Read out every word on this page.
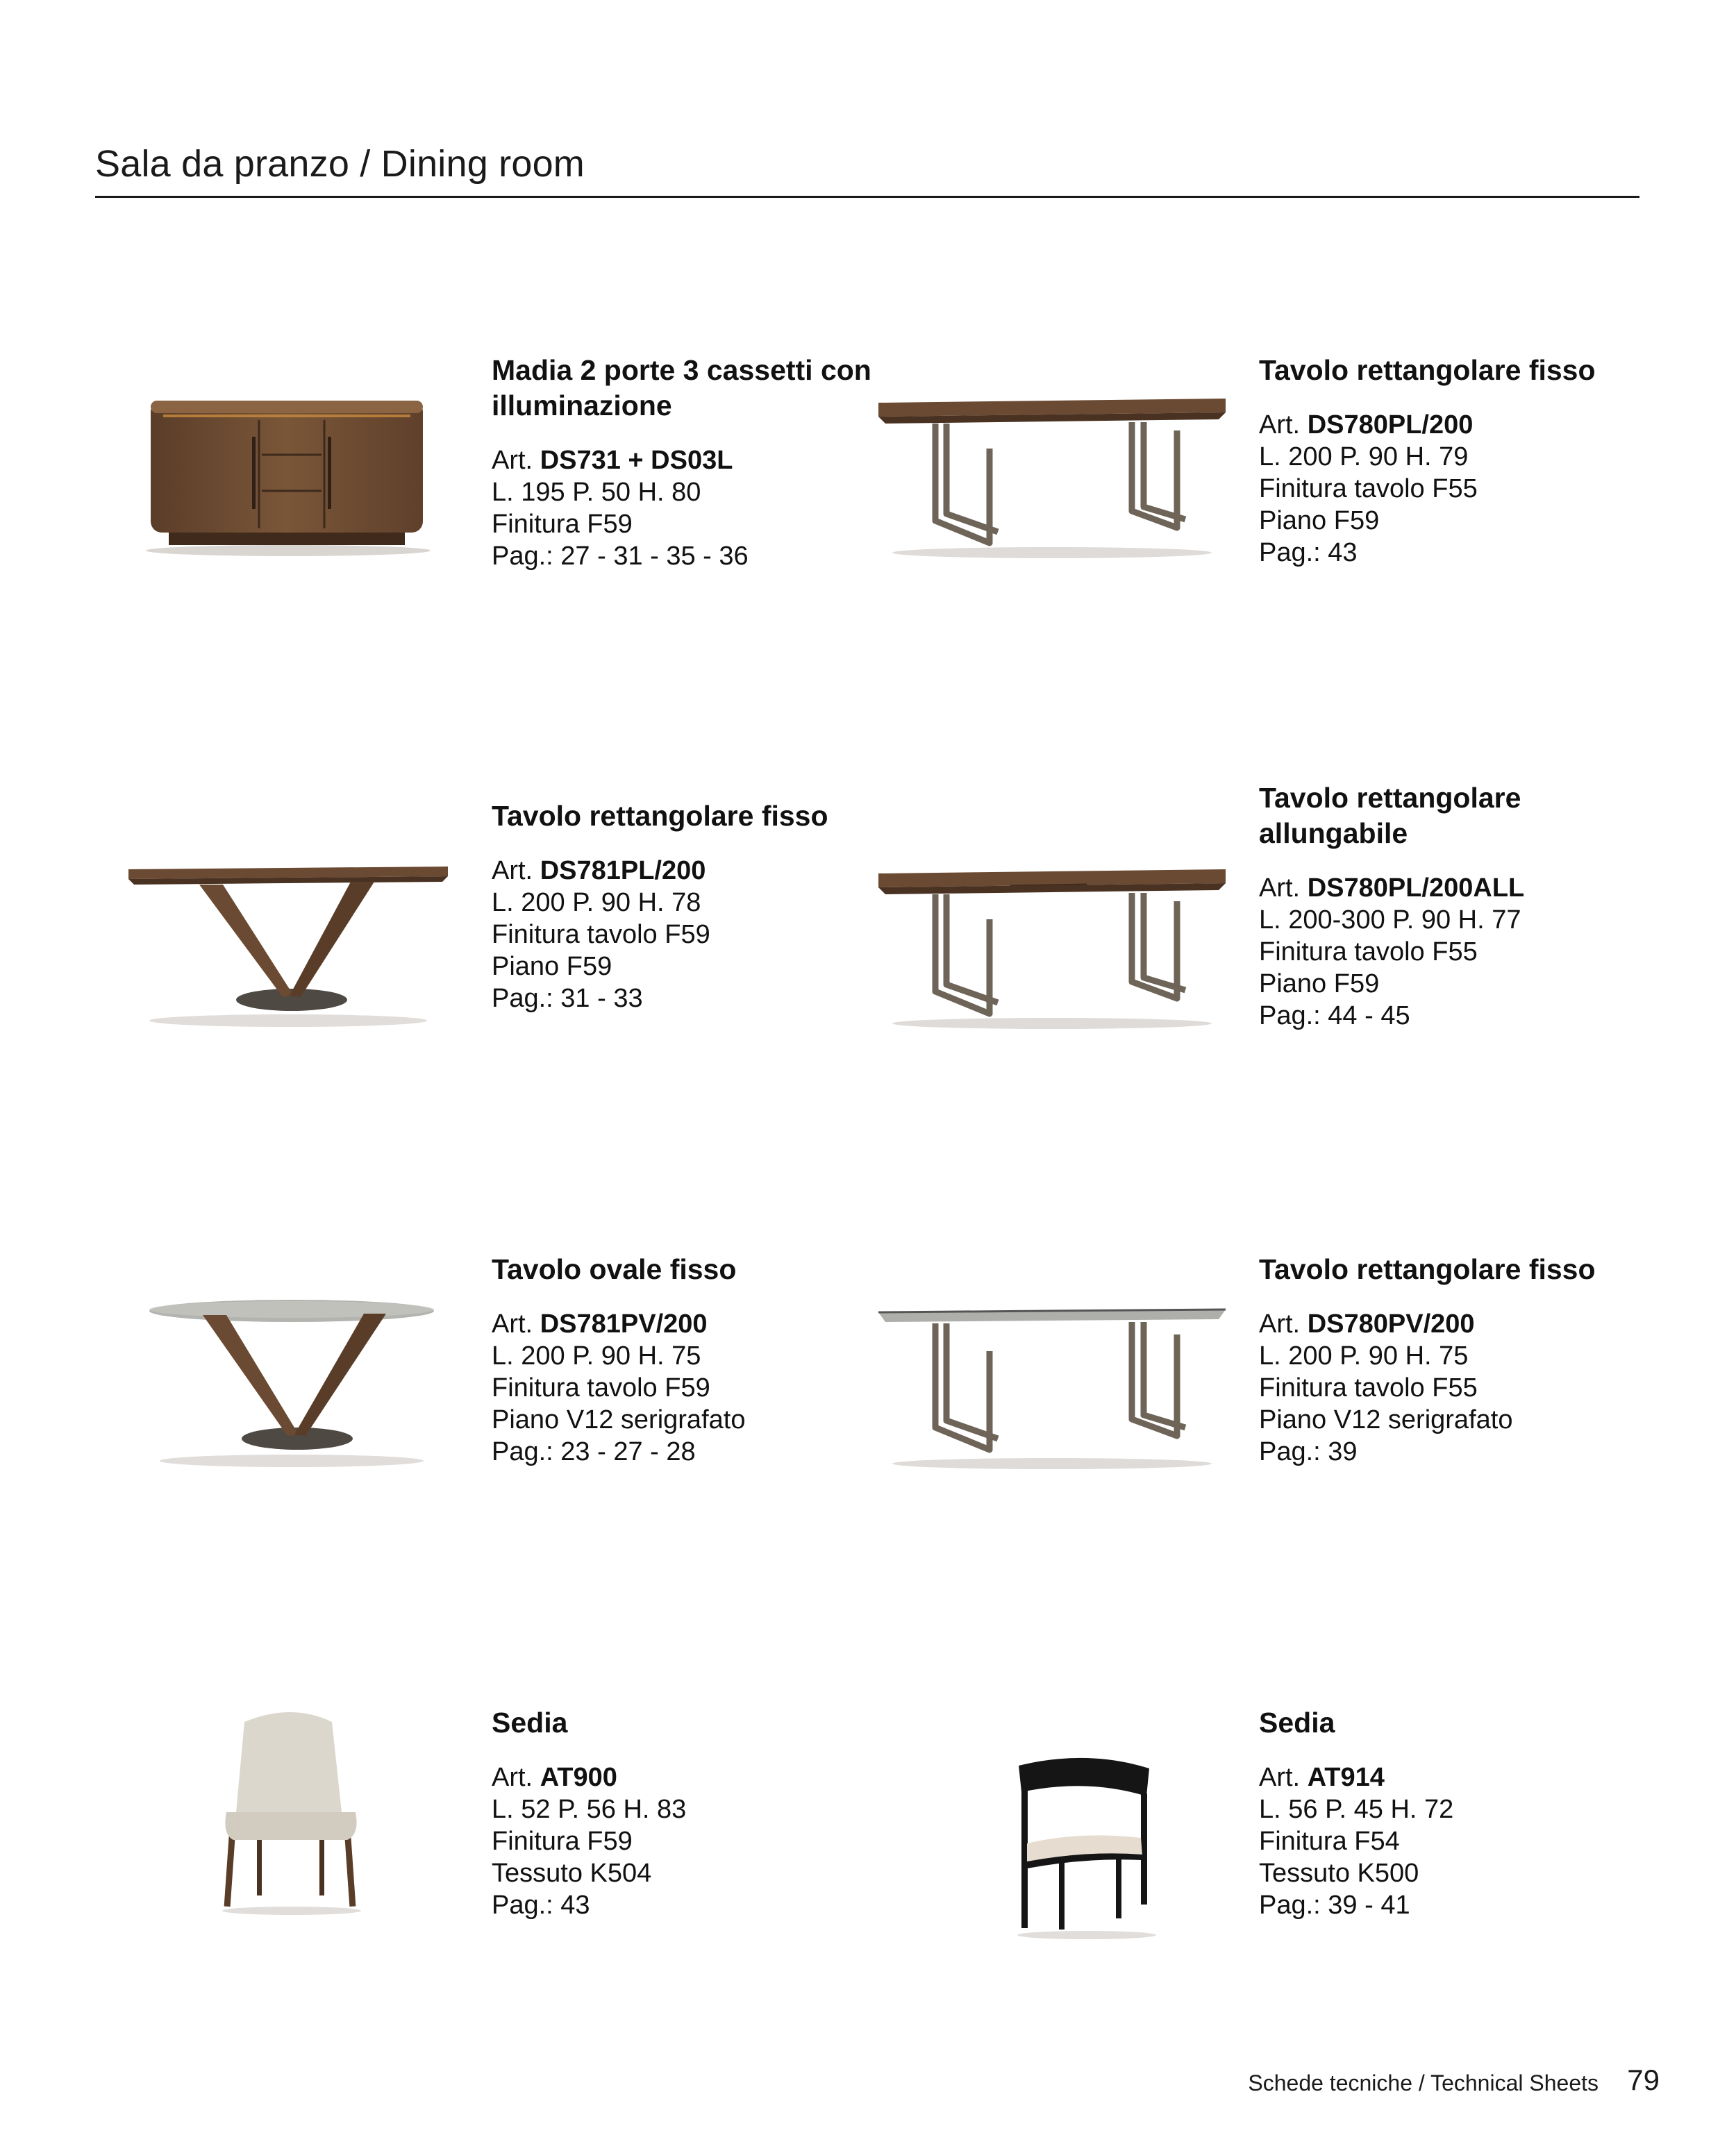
Sala da pranzo / Dining room

Madia 2 porte 3 cassetti con illuminazione

Art. DS731 + DS03L

L. 195 P. 50 H. 80

Finitura F59

Pag.: 27 - 31 - 35 - 36

Tavolo rettangolare fisso

Art. DS780PL/200

L. 200 P. 90 H. 79

Finitura tavolo F55

Piano F59

Pag.: 43

Tavolo rettangolare fisso

Art. DS781PL/200

L. 200 P. 90 H. 78

Finitura tavolo F59

Piano F59

Pag.: 31 - 33

Tavolo rettangolare allungabile

Art. DS780PL/200ALL

L. 200-300 P. 90 H. 77

Finitura tavolo F55

Piano F59

Pag.: 44 - 45

Tavolo ovale fisso

Art. DS781PV/200

L. 200 P. 90 H. 75

Finitura tavolo F59

Piano V12 serigrafato

Pag.: 23 - 27 - 28

Tavolo rettangolare fisso

Art. DS780PV/200

L. 200 P. 90 H. 75

Finitura tavolo F55

Piano V12 serigrafato

Pag.: 39

Sedia

Art. AT900

L. 52 P. 56 H. 83

Finitura F59

Tessuto K504

Pag.: 43

Sedia

Art. AT914

L. 56 P. 45 H. 72

Finitura F54

Tessuto K500

Pag.: 39 - 41

Schede tecniche / Technical Sheets 79
